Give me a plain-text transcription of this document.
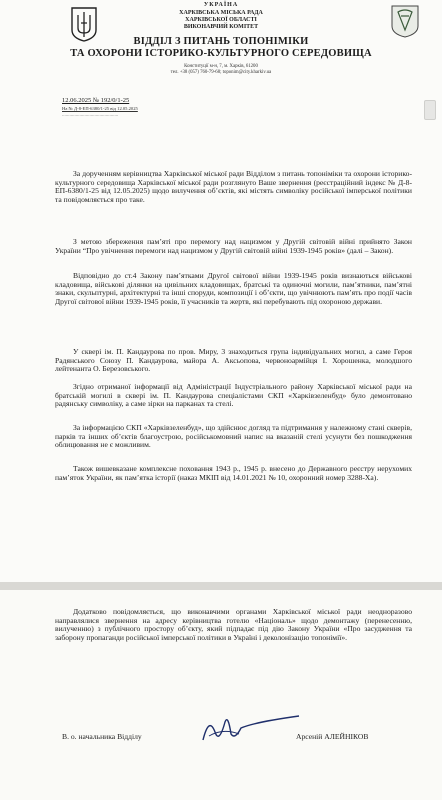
УКРАЇНА
ХАРКІВСЬКА МІСЬКА РАДА
ХАРКІВСЬКОЇ ОБЛАСТІ
ВИКОНАВЧИЙ КОМІТЕТ
ВІДДІЛ З ПИТАНЬ ТОПОНІМІКИ
ТА ОХОРОНИ ІСТОРИКО-КУЛЬТУРНОГО СЕРЕДОВИЩА
Конституції м-н, 7, м. Харків, 61200
тел. +38 (057) 760-79-68; toponim@city.kharkiv.ua
12.06.2025 № 192/0/1-25
На № Д-8-ЕП-6380/1-25 від 12.05.2025
.............................................

За дорученням керівництва Харківської міської ради Відділом з питань топоніміки та охорони історико-культурного середовища Харківської міської ради розглянуто Ваше звернення (реєстраційний індекс № Д-8-ЕП-6380/1-25 від 12.05.2025) щодо вилучення об’єктів, які містять символіку російської імперської політики та повідомляється про таке.

З метою збереження пам’яті про перемогу над нацизмом у Другій світовій війні прийнято Закон України “Про увічнення перемоги над нацизмом у Другій світовій війні 1939-1945 років» (далі – Закон).

Відповідно до ст.4 Закону пам’ятками Другої світової війни 1939-1945 років визнаються військові кладовища, військові ділянки на цивільних кладовищах, братські та одиночні могили, пам’ятники, пам’ятні знаки, скульптурні, архітектурні та інші споруди, композиції і об’єкти, що увічнюють пам’ять про події часів Другої світової війни 1939-1945 років, її учасників та жертв, які перебувають під охороною держави.

У сквері ім. П. Кандаурова по пров. Миру, 3 знаходиться група індивідуальних могил, а саме Героя Радянського Союзу П. Кандаурова, майора А. Аксьопова, червоноармійця І. Хорошенка, молодшого лейтенанта О. Березовського.

Згідно отриманої інформації від Адміністрації Індустріального району Харківської міської ради на братській могилі в сквері ім. П. Кандаурова спеціалістами СКП «Харківзеленбуд» було демонтовано радянську символіку, а саме зірки на парканах та стелі.

За інформацією СКП «Харківзеленбуд», що здійснює догляд та підтримання у належному стані скверів, парків та інших об’єктів благоустрою, російськомовний напис на вказаній стелі усунути без пошкодження облицювання не є можливим.

Також вишевказане комплексне поховання 1943 р., 1945 р. внесено до Державного реєстру нерухомих пам’яток України, як пам’ятка історії (наказ МКІП від 14.01.2021 № 10, охоронний номер 3288-Ха).

Додатково повідомляється, що виконавчими органами Харківської міської ради неодноразово направлялися звернення на адресу керівництва готелю «Національ» щодо демонтажу (перенесенню, вилученню) з публічного простору об’єкту, який підпадає під дію Закону України «Про засудження та заборону пропаганди російської імперської політики в Україні і деколонізацію топонімії».

В. о. начальника Відділу	Арсеній АЛЕЙНІКОВ
